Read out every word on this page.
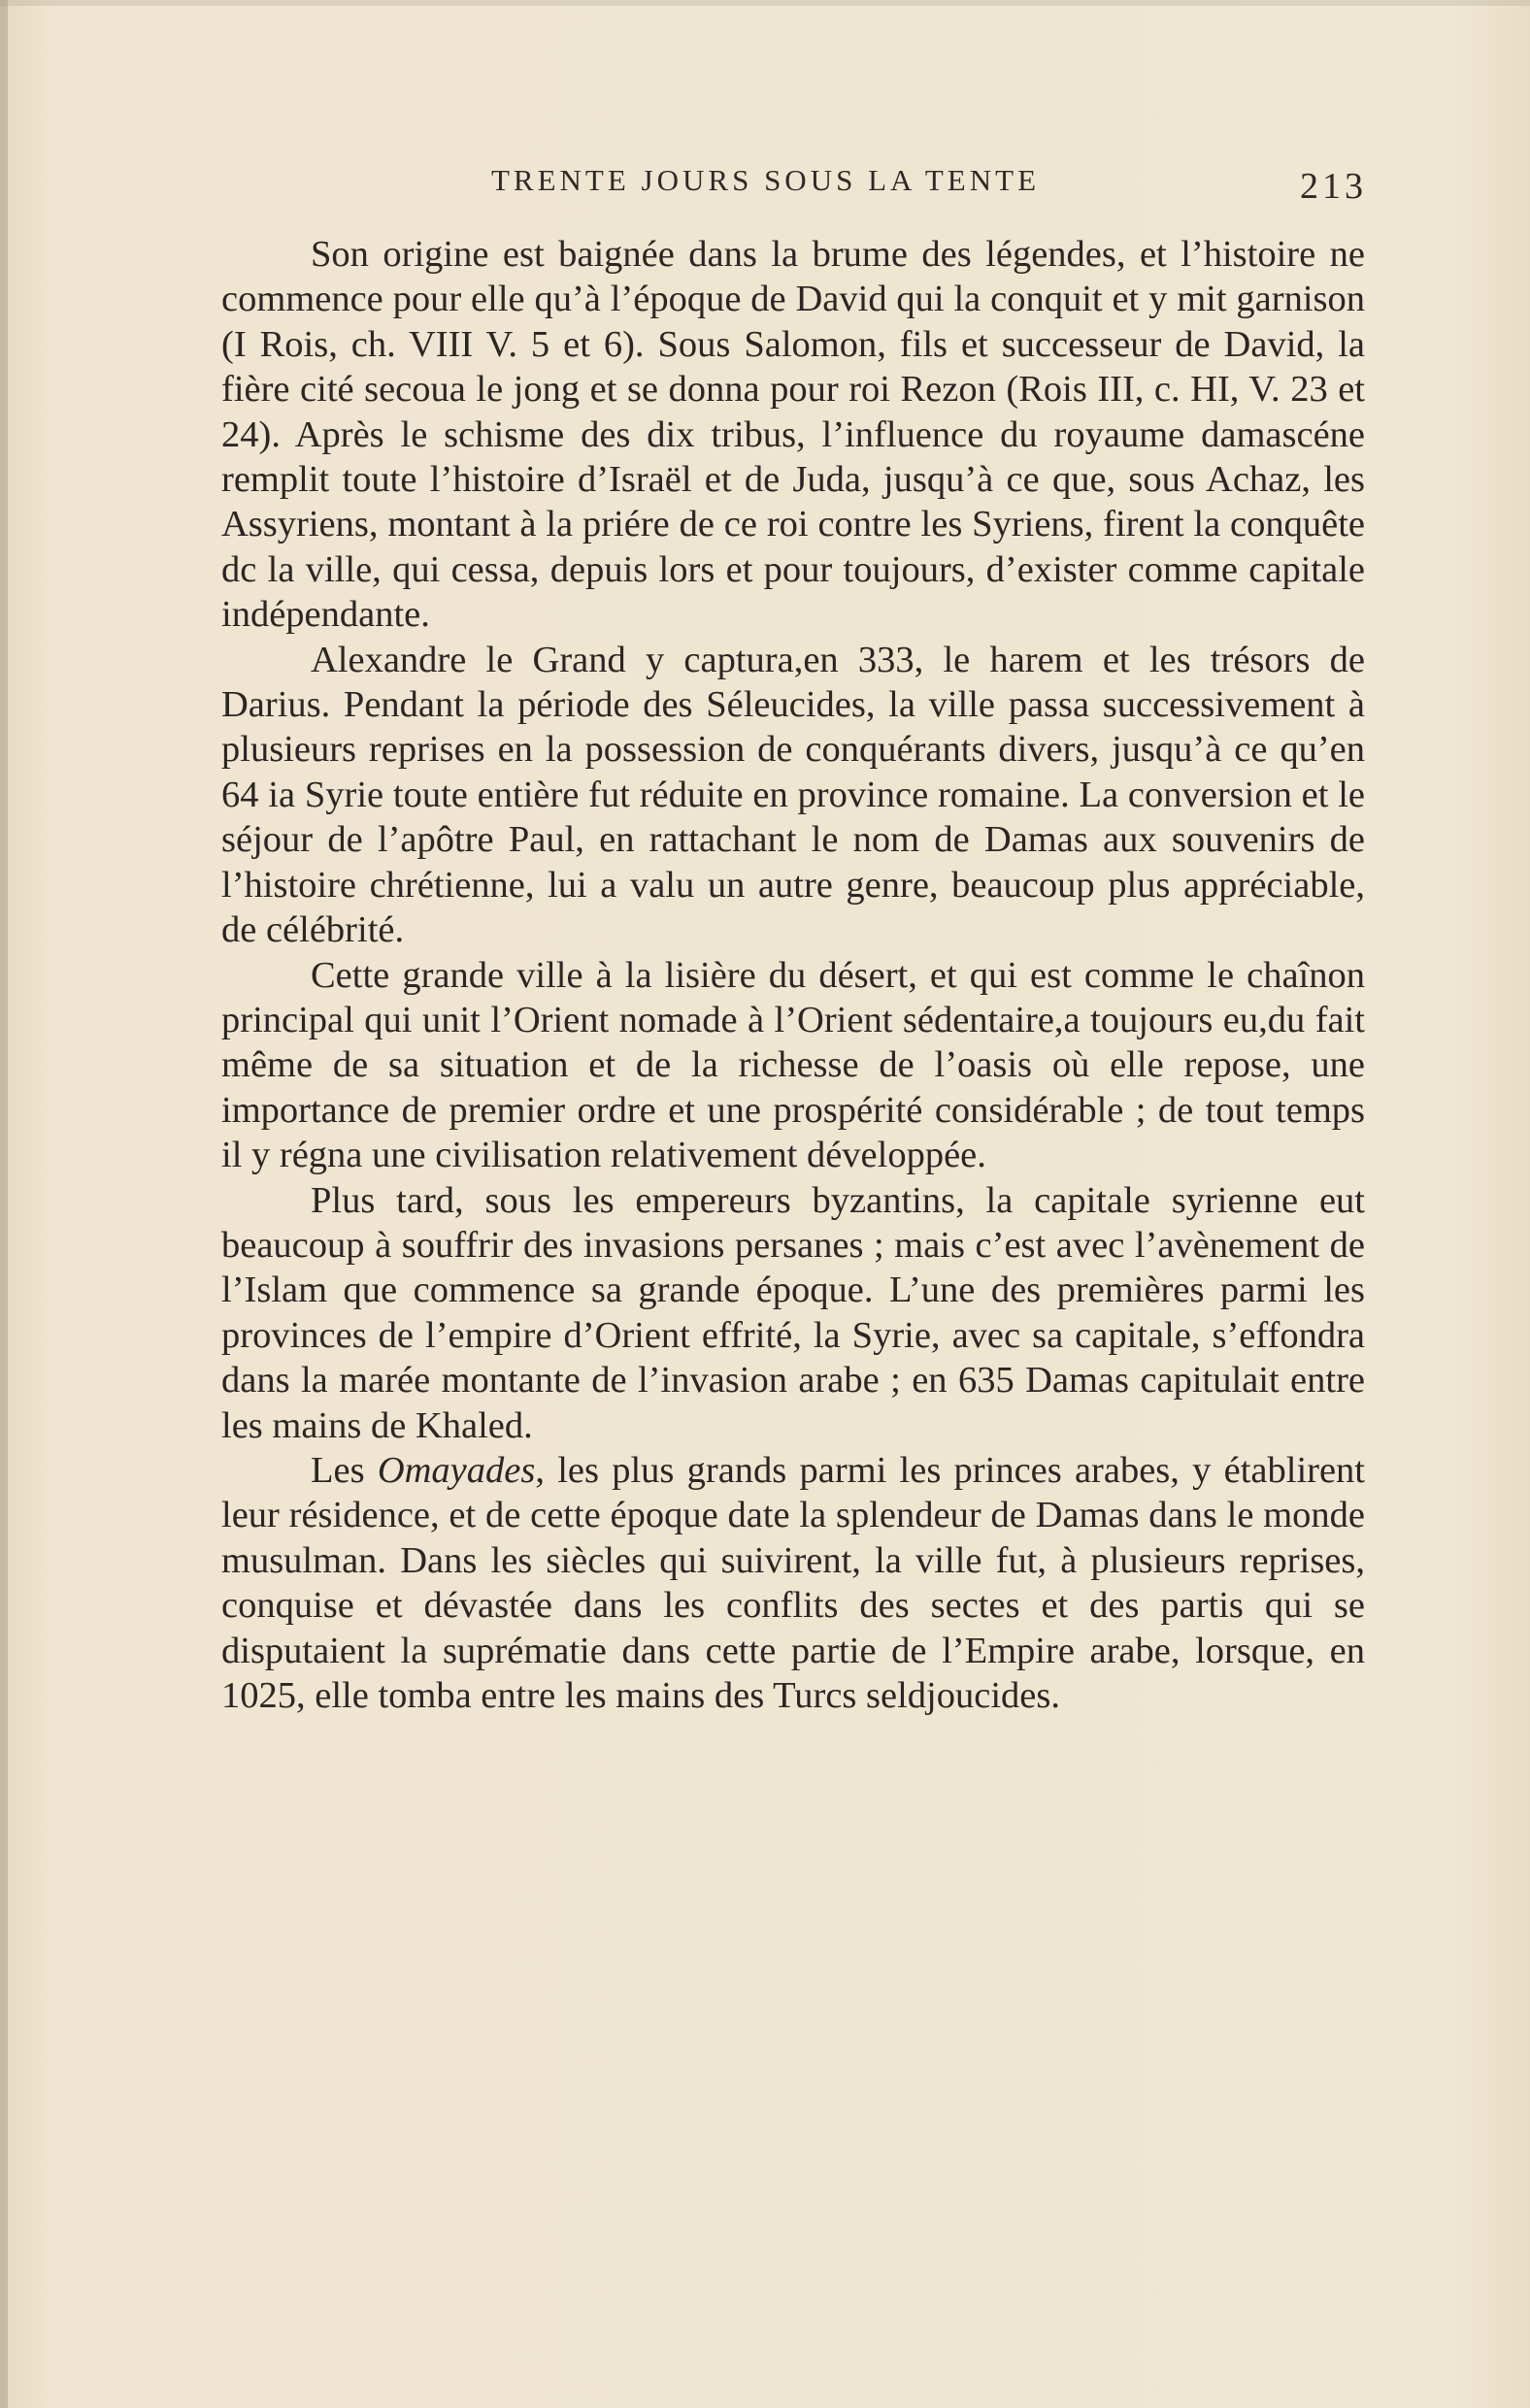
TRENTE JOURS SOUS LA TENTE	213

Son origine est baignée dans la brume des légendes, et l’histoire ne commence pour elle qu’à l’époque de David qui la conquit et y mit garnison (I Rois, ch. VIII V. 5 et 6). Sous Salomon, fils et successeur de David, la fière cité secoua le jong et se donna pour roi Rezon (Rois III, c. HI, V. 23 et 24). Après le schisme des dix tribus, l’influence du royaume damascéne remplit toute l’histoire d’Israël et de Juda, jusqu’à ce que, sous Achaz, les Assyriens, montant à la priére de ce roi contre les Syriens, firent la conquête dc la ville, qui cessa, depuis lors et pour toujours, d’exister comme capitale indépendante.

Alexandre le Grand y captura,en 333, le harem et les trésors de Darius. Pendant la période des Séleucides, la ville passa successivement à plusieurs reprises en la possession de conquérants divers, jusqu’à ce qu’en 64 ia Syrie toute entière fut réduite en province romaine. La conversion et le séjour de l’apôtre Paul, en rattachant le nom de Damas aux souvenirs de l’histoire chrétienne, lui a valu un autre genre, beaucoup plus appréciable, de célébrité.

Cette grande ville à la lisière du désert, et qui est comme le chaînon principal qui unit l’Orient nomade à l’Orient sédentaire,a toujours eu,du fait même de sa situation et de la richesse de l’oasis où elle repose, une importance de premier ordre et une prospérité considérable ; de tout temps il y régna une civilisation relativement développée.

Plus tard, sous les empereurs byzantins, la capitale syrienne eut beaucoup à souffrir des invasions persanes ; mais c’est avec l’avènement de l’Islam que commence sa grande époque. L’une des premières parmi les provinces de l’empire d’Orient effrité, la Syrie, avec sa capitale, s’effondra dans la marée montante de l’invasion arabe ; en 635 Damas capitulait entre les mains de Khaled.

Les Omayades, les plus grands parmi les princes arabes, y établirent leur résidence, et de cette époque date la splendeur de Damas dans le monde musulman. Dans les siècles qui suivirent, la ville fut, à plusieurs reprises, conquise et dévastée dans les conflits des sectes et des partis qui se disputaient la suprématie dans cette partie de l’Empire arabe, lorsque, en 1025, elle tomba entre les mains des Turcs seldjoucides.
